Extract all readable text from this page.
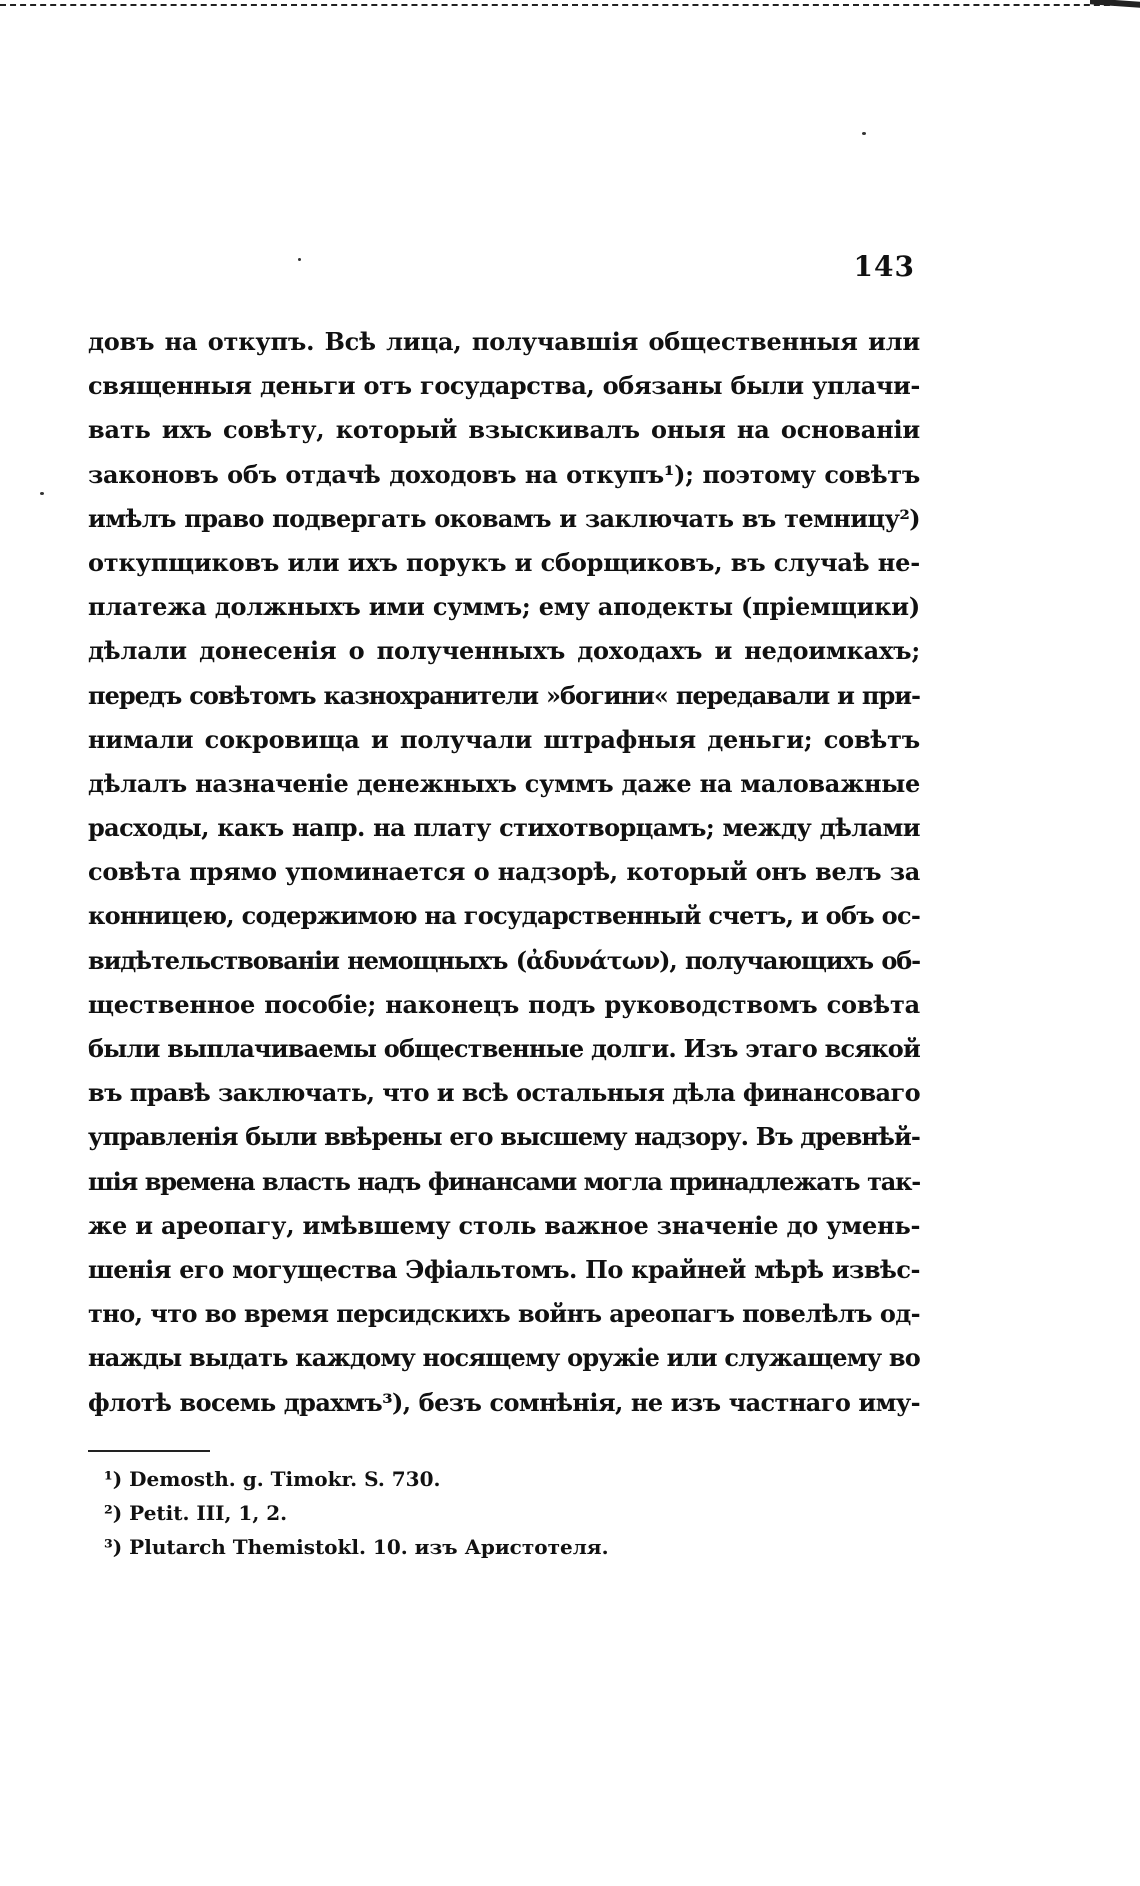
143
довъ на откупъ. Всѣ лица, получавшія общественныя или
священныя деньги отъ государства, обязаны были уплачи-
вать ихъ совѣту, который взыскивалъ оныя на основаніи
законовъ объ отдачѣ доходовъ на откупъ¹); поэтому совѣтъ
имѣлъ право подвергать оковамъ и заключать въ темницу²)
откупщиковъ или ихъ порукъ и сборщиковъ, въ случаѣ не-
платежа должныхъ ими суммъ; ему аподекты (пріемщики)
дѣлали донесенія о полученныхъ доходахъ и недоимкахъ;
передъ совѣтомъ казнохранители »богини« передавали и при-
нимали сокровища и получали штрафныя деньги; совѣтъ
дѣлалъ назначеніе денежныхъ суммъ даже на маловажные
расходы, какъ напр. на плату стихотворцамъ; между дѣлами
совѣта прямо упоминается о надзорѣ, который онъ велъ за
конницею, содержимою на государственный счетъ, и объ ос-
видѣтельствованіи немощныхъ (ἀδυνάτων), получающихъ об-
щественное пособіе; наконецъ подъ руководствомъ совѣта
были выплачиваемы общественные долги. Изъ этаго всякой
въ правѣ заключать, что и всѣ остальныя дѣла финансоваго
управленія были ввѣрены его высшему надзору. Въ древнѣй-
шія времена власть надъ финансами могла принадлежать так-
же и ареопагу, имѣвшему столь важное значеніе до умень-
шенія его могущества Эфіальтомъ. По крайней мѣрѣ извѣс-
тно, что во время персидскихъ войнъ ареопагъ повелѣлъ од-
нажды выдать каждому носящему оружіе или служащему во
флотѣ восемь драхмъ³), безъ сомнѣнія, не изъ частнаго иму-
¹) Demosth. g. Timokr. S. 730.
²) Petit. III, 1, 2.
³) Plutarch Themistokl. 10. изъ Аристотеля.
